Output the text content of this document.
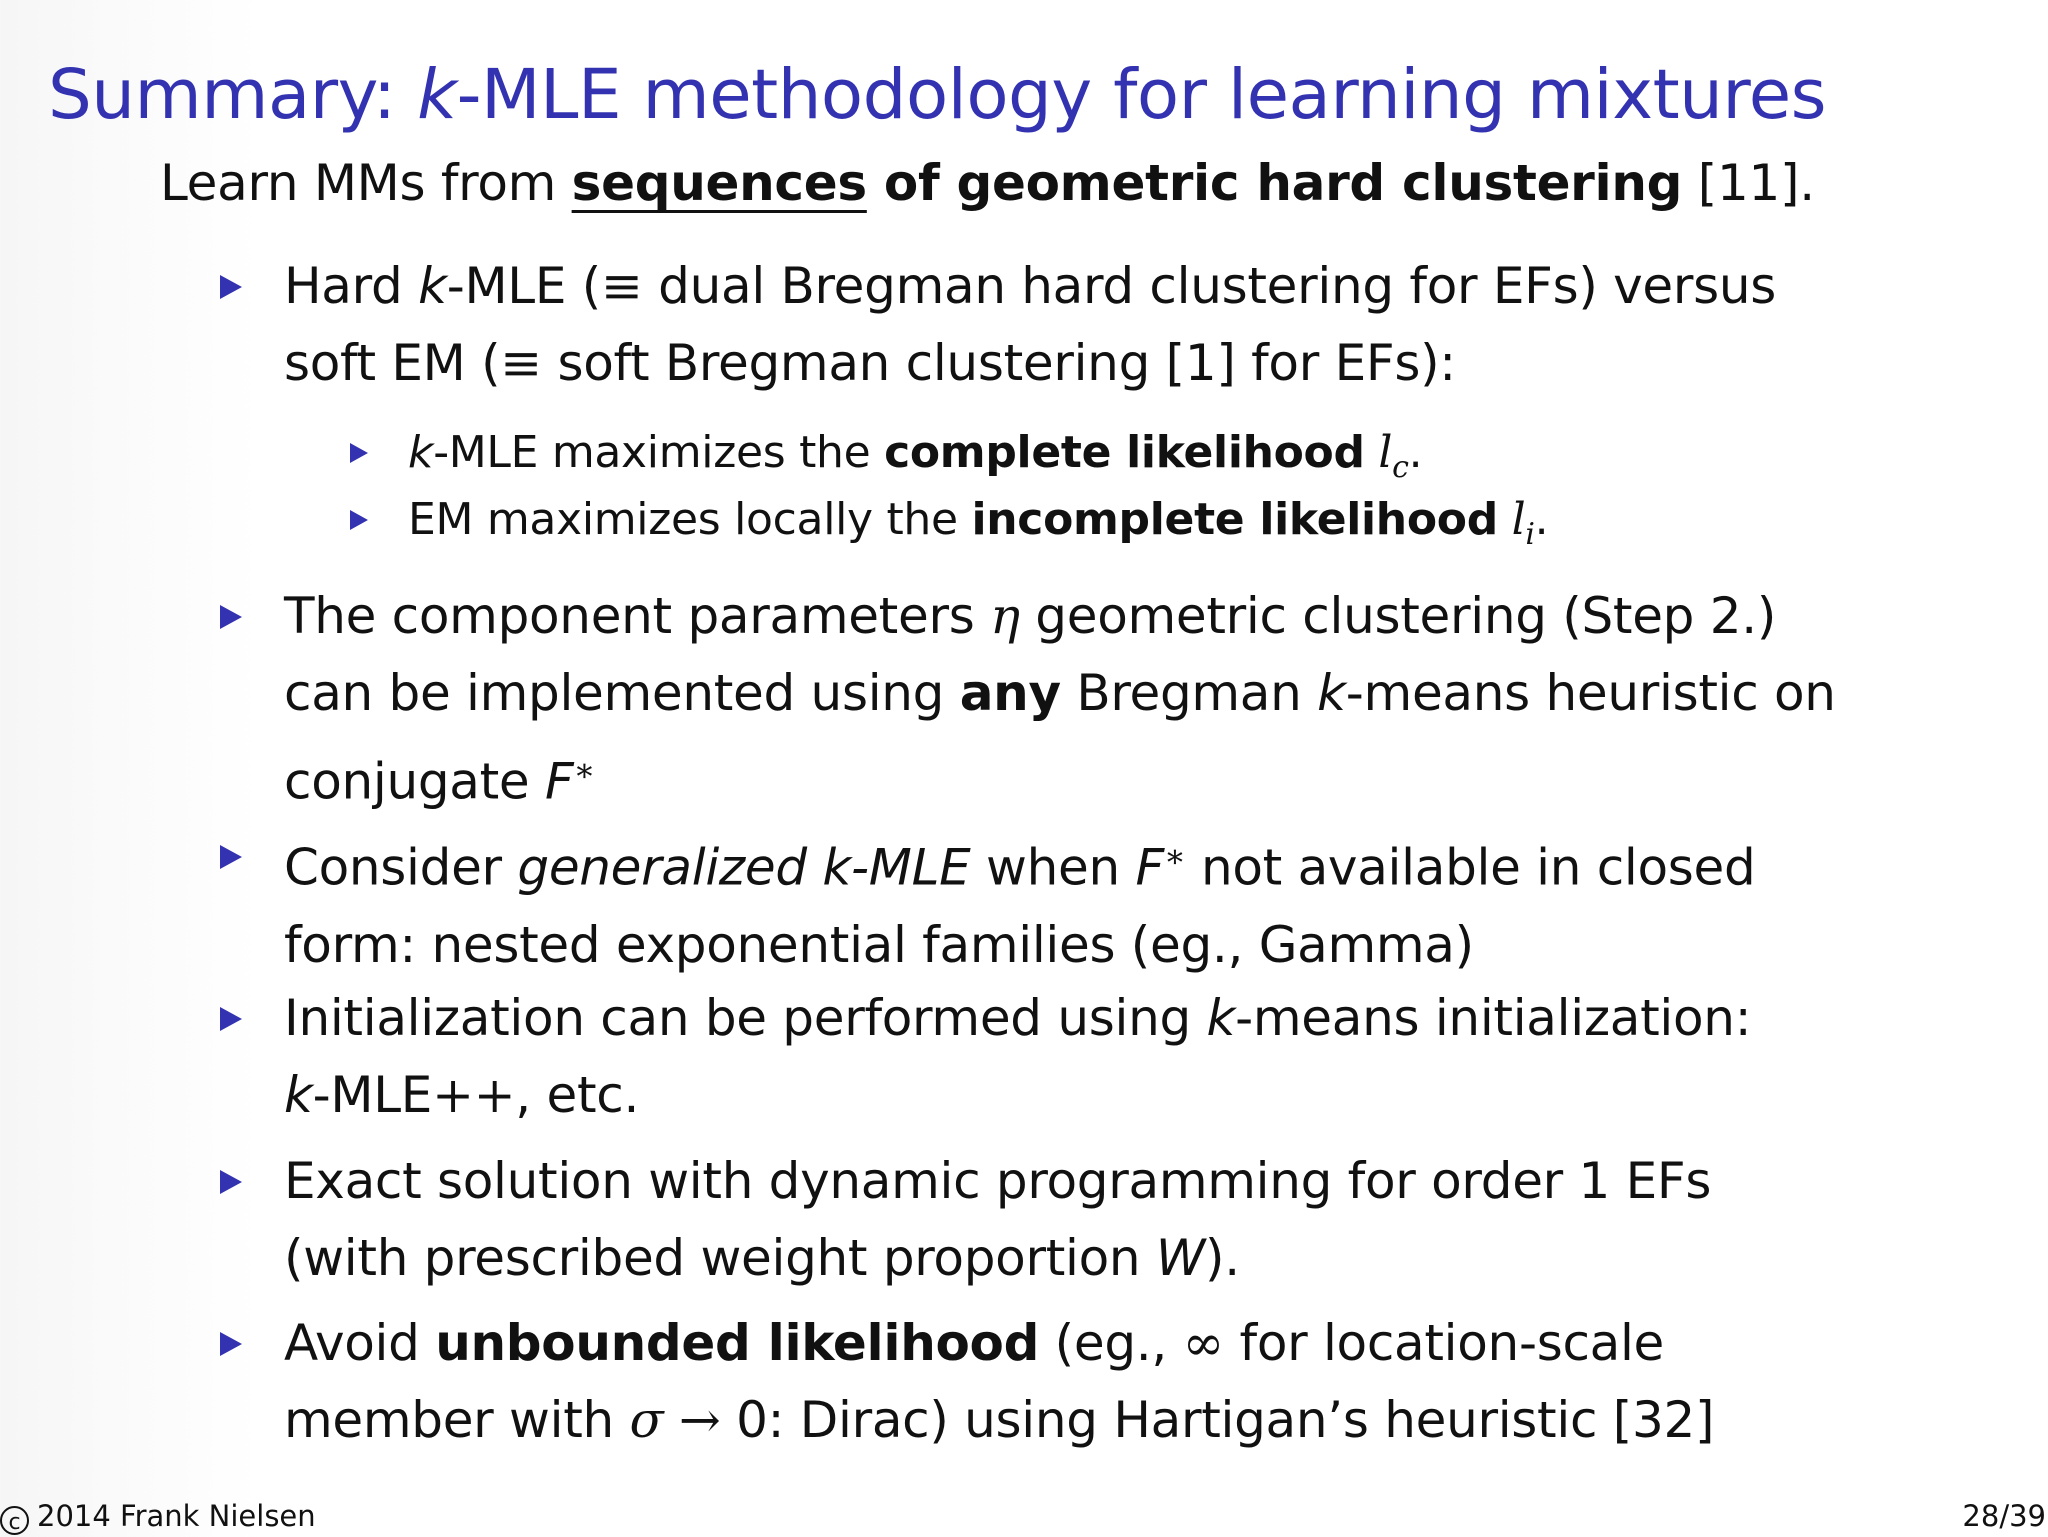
Summary: k-MLE methodology for learning mixtures
Learn MMs from sequences of geometric hard clustering [11].
Hard k-MLE (≡ dual Bregman hard clustering for EFs) versus
soft EM (≡ soft Bregman clustering [1] for EFs):
k-MLE maximizes the complete likelihood $l_c$.
EM maximizes locally the incomplete likelihood $l_i$.
The component parameters η geometric clustering (Step 2.)
can be implemented using any Bregman k-means heuristic on
conjugate F∗
Consider generalized k-MLE when F∗ not available in closed
form: nested exponential families (eg., Gamma)
Initialization can be performed using k-means initialization:
k-MLE++, etc.
Exact solution with dynamic programming for order 1 EFs
(with prescribed weight proportion W).
Avoid unbounded likelihood (eg., ∞ for location-scale
member with σ → 0: Dirac) using Hartigan’s heuristic [32]
c 2014 Frank Nielsen	28/39
